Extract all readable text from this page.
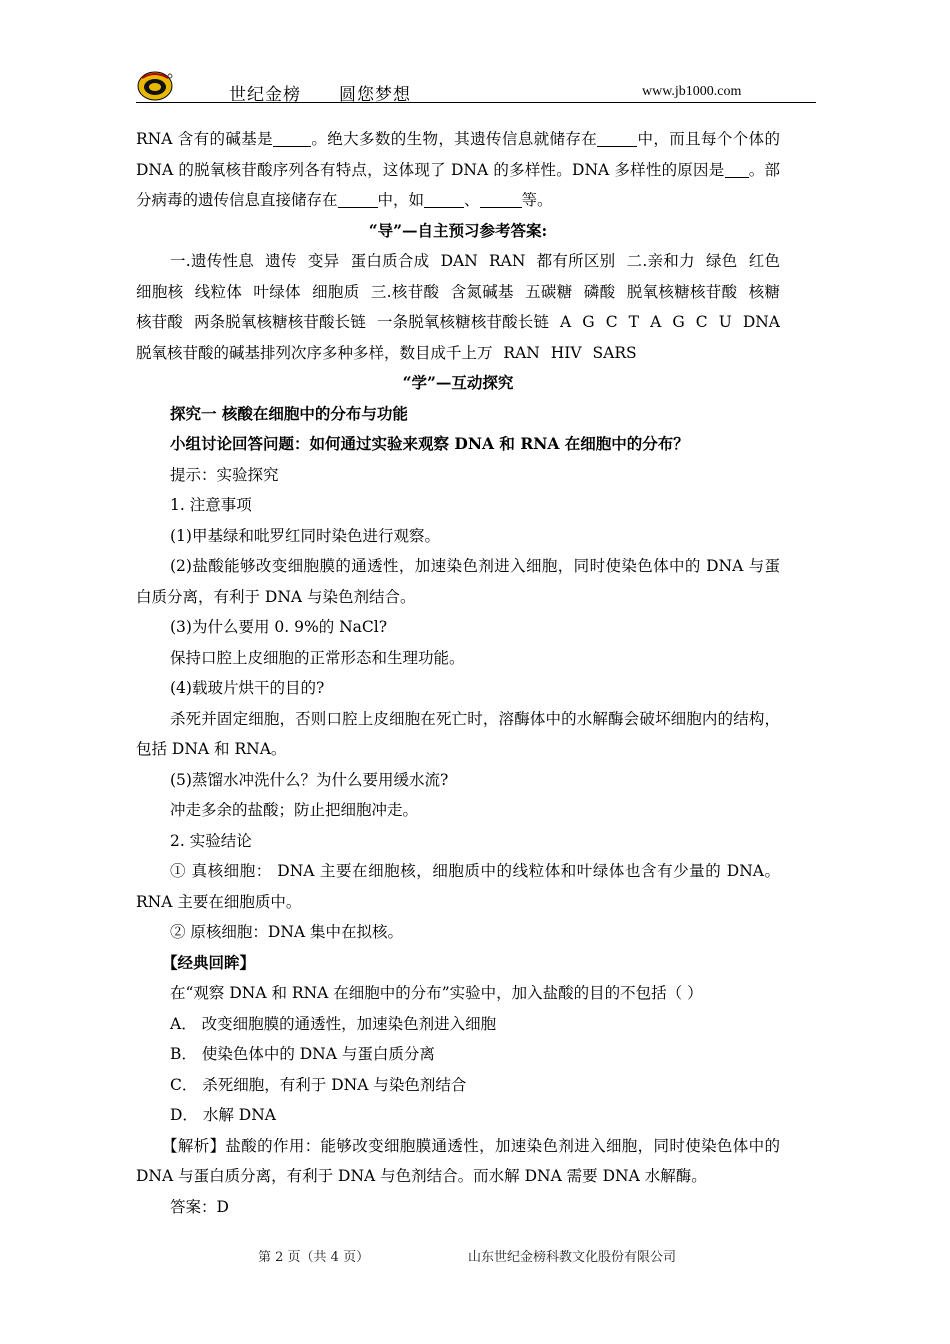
世纪金榜 圆您梦想	www.jb1000.com

RNA 含有的碱基是 。绝大多数的生物，其遗传信息就储存在	中，而且每个个体的 DNA 的脱氧核苷酸序列各有特点，这体现了 DNA 的多样性。DNA 多样性的原因是 。部分病毒的遗传信息直接储存在	中，如	、	等。

“导”—自主预习参考答案:

一.遗传性息 遗传 变异 蛋白质合成 DAN RAN 都有所区别 二.亲和力 绿色 红色 细胞核 线粒体 叶绿体 细胞质 三.核苷酸 含氮碱基 五碳糖 磷酸 脱氧核糖核苷酸 核糖核苷酸 两条脱氧核糖核苷酸长链 一条脱氧核糖核苷酸长链 A G C T A G C U DNA 脱氧核苷酸的碱基排列次序多种多样，数目成千上万 RAN HIV SARS

“学”—互动探究

探究一 核酸在细胞中的分布与功能

小组讨论回答问题：如何通过实验来观察 DNA 和 RNA 在细胞中的分布？

提示：实验探究

1. 注意事项

(1)甲基绿和吡罗红同时染色进行观察。

(2)盐酸能够改变细胞膜的通透性，加速染色剂进入细胞，同时使染色体中的 DNA 与蛋白质分离，有利于 DNA 与染色剂结合。

(3)为什么要用 0. 9%的 NaCl?

保持口腔上皮细胞的正常形态和生理功能。

(4)载玻片烘干的目的?

杀死并固定细胞，否则口腔上皮细胞在死亡时，溶酶体中的水解酶会破坏细胞内的结构，包括 DNA 和 RNA。

(5)蒸馏水冲洗什么？为什么要用缓水流?

冲走多余的盐酸；防止把细胞冲走。

2. 实验结论

① 真核细胞： DNA 主要在细胞核，细胞质中的线粒体和叶绿体也含有少量的 DNA。RNA 主要在细胞质中。

② 原核细胞：DNA 集中在拟核。

【经典回眸】

在“观察 DNA 和 RNA 在细胞中的分布”实验中，加入盐酸的目的不包括（ ）

A． 改变细胞膜的通透性，加速染色剂进入细胞

B． 使染色体中的 DNA 与蛋白质分离

C． 杀死细胞，有利于 DNA 与染色剂结合

D． 水解 DNA

【解析】盐酸的作用：能够改变细胞膜通透性，加速染色剂进入细胞，同时使染色体中的 DNA 与蛋白质分离，有利于 DNA 与色剂结合。而水解 DNA 需要 DNA 水解酶。

答案：D

第 2 页（共 4 页）	山东世纪金榜科教文化股份有限公司
